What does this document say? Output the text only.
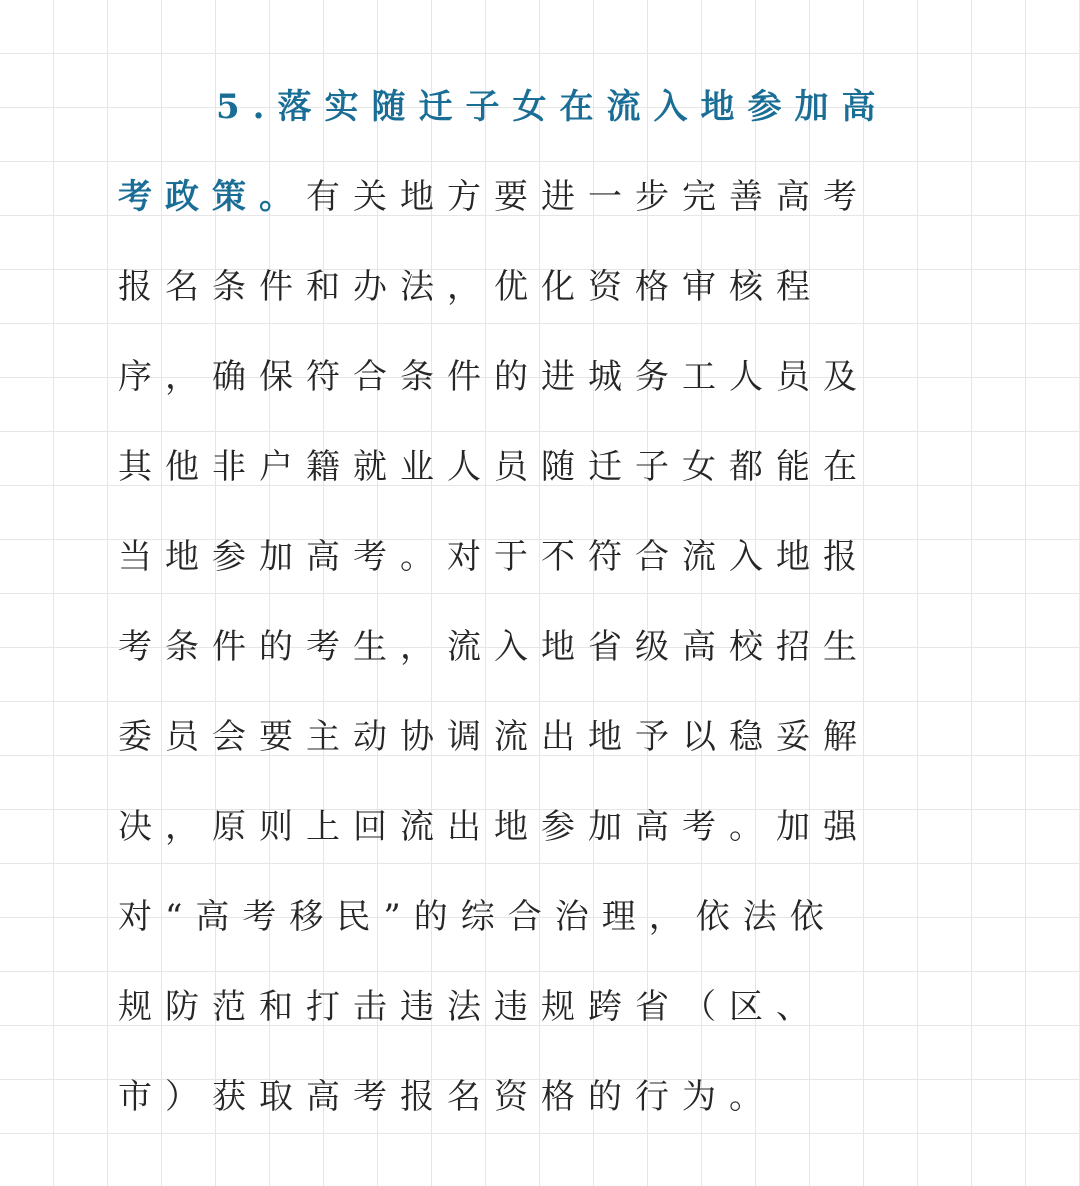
5.落实随迁子女在流入地参加高
考政策。有关地方要进一步完善高考
报名条件和办法，优化资格审核程
序，确保符合条件的进城务工人员及
其他非户籍就业人员随迁子女都能在
当地参加高考。对于不符合流入地报
考条件的考生，流入地省级高校招生
委员会要主动协调流出地予以稳妥解
决，原则上回流出地参加高考。加强
对“高考移民”的综合治理，依法依
规防范和打击违法违规跨省（区、
市）获取高考报名资格的行为。
